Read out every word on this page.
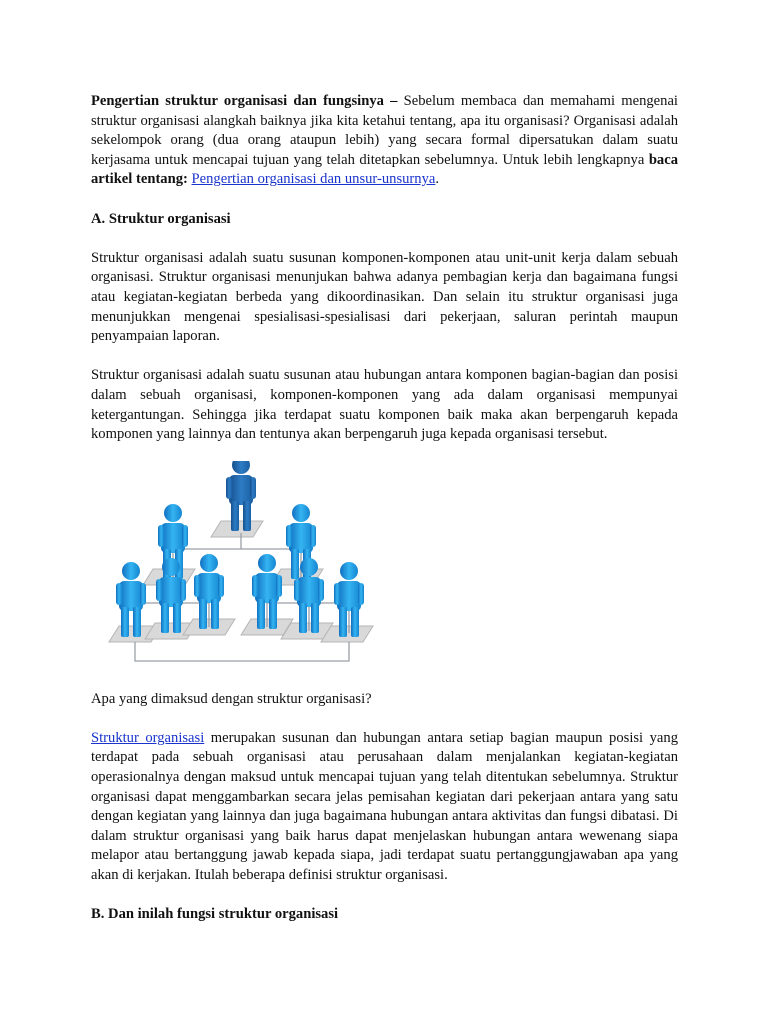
Pengertian struktur organisasi dan fungsinya – Sebelum membaca dan memahami mengenai struktur organisasi alangkah baiknya jika kita ketahui tentang, apa itu organisasi? Organisasi adalah sekelompok orang (dua orang ataupun lebih) yang secara formal dipersatukan dalam suatu kerjasama untuk mencapai tujuan yang telah ditetapkan sebelumnya. Untuk lebih lengkapnya baca artikel tentang: Pengertian organisasi dan unsur-unsurnya.

A. Struktur organisasi

Struktur organisasi adalah suatu susunan komponen-komponen atau unit-unit kerja dalam sebuah organisasi. Struktur organisasi menunjukan bahwa adanya pembagian kerja dan bagaimana fungsi atau kegiatan-kegiatan berbeda yang dikoordinasikan. Dan selain itu struktur organisasi juga menunjukkan mengenai spesialisasi-spesialisasi dari pekerjaan, saluran perintah maupun penyampaian laporan.

Struktur organisasi adalah suatu susunan atau hubungan antara komponen bagian-bagian dan posisi dalam sebuah organisasi, komponen-komponen yang ada dalam organisasi mempunyai ketergantungan. Sehingga jika terdapat suatu komponen baik maka akan berpengaruh kepada komponen yang lainnya dan tentunya akan berpengaruh juga kepada organisasi tersebut.

Apa yang dimaksud dengan struktur organisasi?

Struktur organisasi merupakan susunan dan hubungan antara setiap bagian maupun posisi yang terdapat pada sebuah organisasi atau perusahaan dalam menjalankan kegiatan-kegiatan operasionalnya dengan maksud untuk mencapai tujuan yang telah ditentukan sebelumnya. Struktur organisasi dapat menggambarkan secara jelas pemisahan kegiatan dari pekerjaan antara yang satu dengan kegiatan yang lainnya dan juga bagaimana hubungan antara aktivitas dan fungsi dibatasi. Di dalam struktur organisasi yang baik harus dapat menjelaskan hubungan antara wewenang siapa melapor atau bertanggung jawab kepada siapa, jadi terdapat suatu pertanggungjawaban apa yang akan di kerjakan. Itulah beberapa definisi struktur organisasi.

B. Dan inilah fungsi struktur organisasi
